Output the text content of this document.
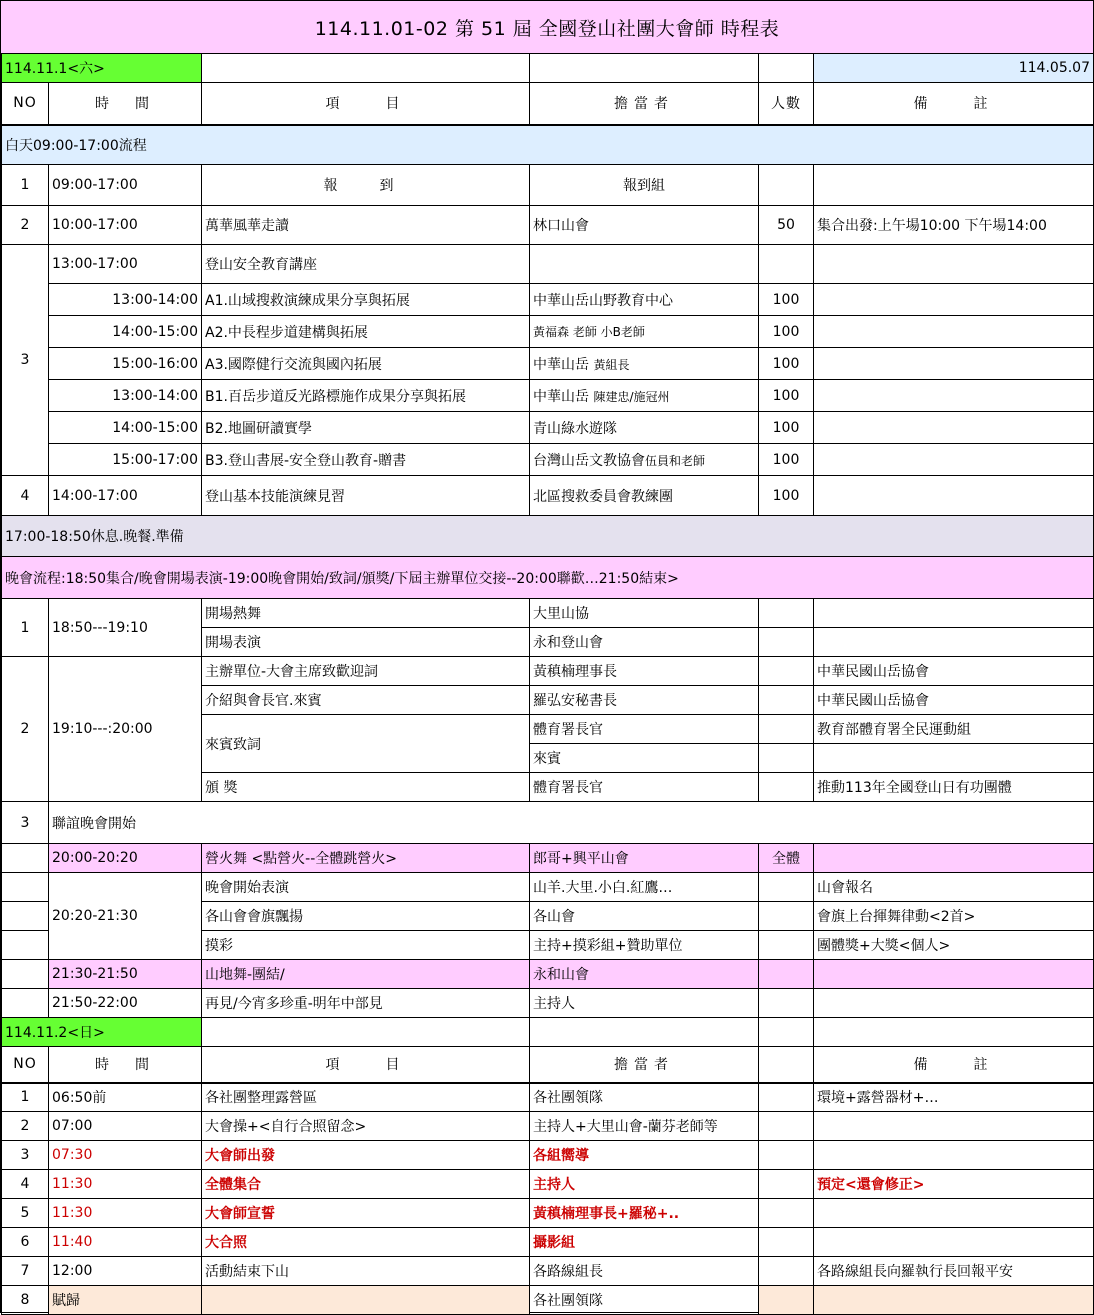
114.11.01-02 第 51 屆 全國登山社團大會師 時程表
114.11.1<六>					114.05.07
NO	時　間	項　　目	擔當者	人數	備　　註
白天09:00-17:00流程					
1	09:00-17:00	報　到	報到組		
2	10:00-17:00	萬華風華走讀	林口山會	50	集合出發:上午場10:00 下午場14:00
3	13:00-17:00	登山安全教育講座			
	13:00-14:00	A1.山域搜救演練成果分享與拓展	中華山岳山野教育中心	100	
	14:00-15:00	A2.中長程步道建構與拓展	黃福森 老師 小B老師	100	
	15:00-16:00	A3.國際健行交流與國內拓展	中華山岳 黃組長	100	
	13:00-14:00	B1.百岳步道反光路標施作成果分享與拓展	中華山岳 陳建忠/施冠州	100	
	14:00-15:00	B2.地圖研讀實學	青山綠水遊隊	100	
	15:00-17:00	B3.登山書展-安全登山教育-贈書	台灣山岳文教協會伍員和老師	100	
4	14:00-17:00	登山基本技能演練見習	北區搜救委員會教練團	100	
17:00-18:50休息.晚餐.準備					
晚會流程:18:50集合/晚會開場表演-19:00晚會開始/致詞/頒獎/下屆主辦單位交接--20:00聯歡…21:50結束>					
1	18:50---19:10	開場熱舞	大里山協		
		開場表演	永和登山會		
2	19:10---:20:00	主辦單位-大會主席致歡迎詞	黃稹楠理事長		中華民國山岳協會
		介紹與會長官.來賓	羅弘安秘書長		中華民國山岳協會
		來賓致詞	體育署長官		教育部體育署全民運動組
			來賓		
		頒 獎	體育署長官		推動113年全國登山日有功團體
3	聯誼晚會開始				
	20:00-20:20	營火舞 <點營火--全體跳營火>	郎哥+興平山會	全體	
	20:20-21:30	晚會開始表演	山羊.大里.小白.紅鷹…		山會報名
		各山會會旗飄揚	各山會		會旗上台揮舞律動<2首>
		摸彩	主持+摸彩組+贊助單位		團體獎+大獎<個人>
	21:30-21:50	山地舞-團結/	永和山會		
	21:50-22:00	再見/今宵多珍重-明年中部見	主持人		
114.11.2<日>					
NO	時　間	項　　目	擔當者		備　　註
1	06:50前	各社團整理露營區	各社團領隊		環境+露營器材+…
2	07:00	大會操+<自行合照留念>	主持人+大里山會-蘭芬老師等		
3	07:30	大會師出發	各組嚮導		
4	11:30	全體集合	主持人		預定<還會修正>
5	11:30	大會師宣誓	黃稹楠理事長+羅秘+..		
6	11:40	大合照	攝影組		
7	12:00	活動結束下山	各路線組長		各路線組長向羅執行長回報平安
8	賦歸		各社團領隊		
